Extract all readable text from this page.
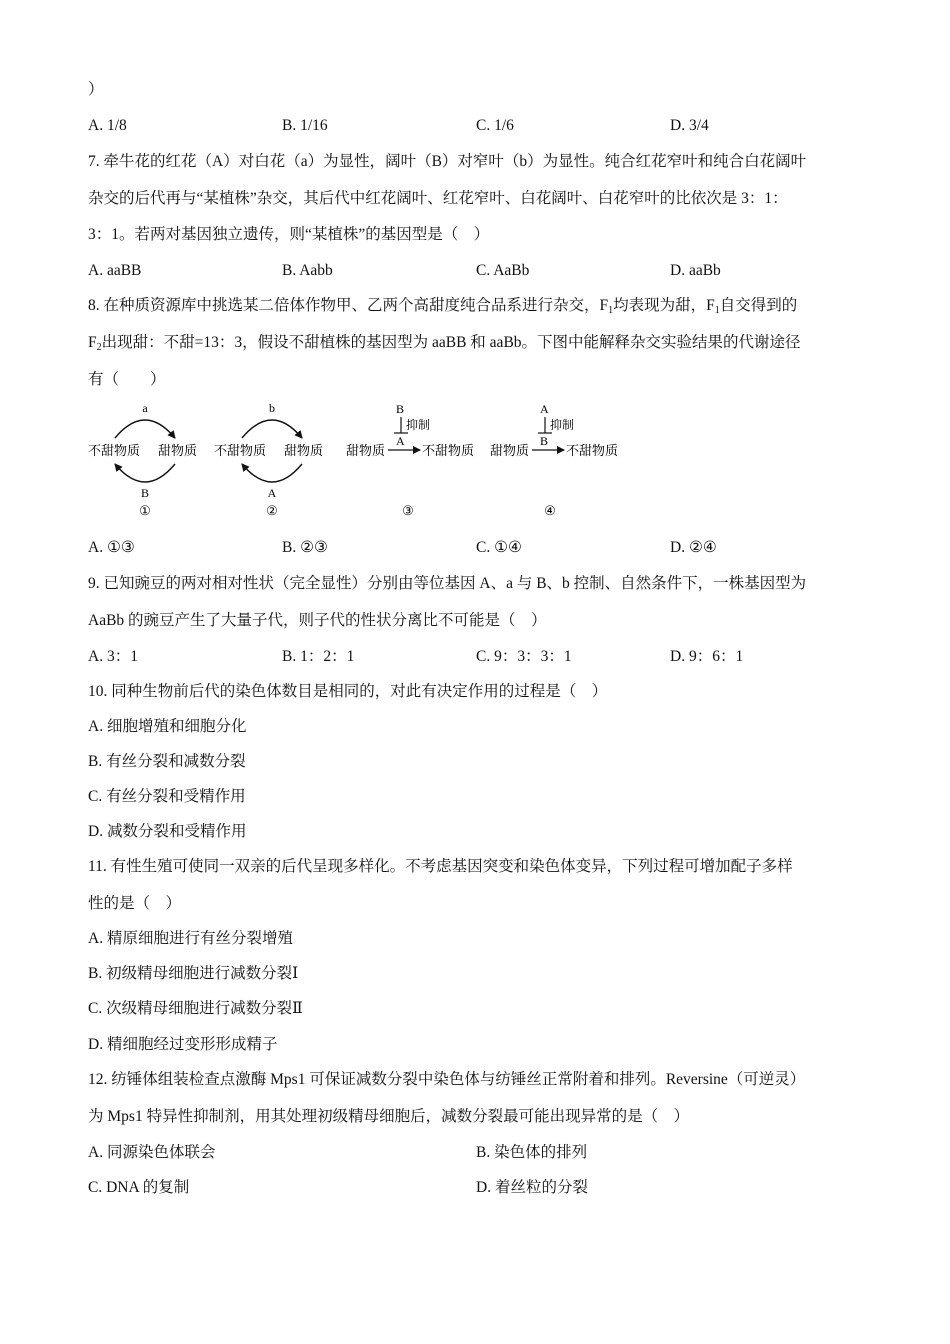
）
A. 1/8	B. 1/16	C. 1/6	D. 3/4
7. 牵牛花的红花（A）对白花（a）为显性，阔叶（B）对窄叶（b）为显性。纯合红花窄叶和纯合白花阔叶
杂交的后代再与“某植株”杂交，其后代中红花阔叶、红花窄叶、白花阔叶、白花窄叶的比依次是 3：1：
3：1。若两对基因独立遗传，则“某植株”的基因型是（　）
A. aaBB	B. Aabb	C. AaBb	D. aaBb
8. 在种质资源库中挑选某二倍体作物甲、乙两个高甜度纯合品系进行杂交，$F_1$均表现为甜，$F_1$自交得到的
$F_2$出现甜：不甜=13：3，假设不甜植株的基因型为 aaBB 和 aaBb。下图中能解释杂交实验结果的代谢途径
有（　　）
a
不甜物质 甜物质
B
①
b
不甜物质 甜物质
A
②
甜物质
A
不甜物质
B
抑制
③
甜物质
B
不甜物质
A
抑制
④
A. ①③	B. ②③	C. ①④	D. ②④
9. 已知豌豆的两对相对性状（完全显性）分别由等位基因 A、a 与 B、b 控制、自然条件下，一株基因型为
AaBb 的豌豆产生了大量子代，则子代的性状分离比不可能是（　）
A. 3：1	B. 1：2：1	C. 9：3：3：1	D. 9：6：1
10. 同种生物前后代的染色体数目是相同的，对此有决定作用的过程是（　）
A. 细胞增殖和细胞分化
B. 有丝分裂和减数分裂
C. 有丝分裂和受精作用
D. 减数分裂和受精作用
11. 有性生殖可使同一双亲的后代呈现多样化。不考虑基因突变和染色体变异，下列过程可增加配子多样
性的是（　）
A. 精原细胞进行有丝分裂增殖
B. 初级精母细胞进行减数分裂Ⅰ
C. 次级精母细胞进行减数分裂Ⅱ
D. 精细胞经过变形形成精子
12. 纺锤体组装检查点激酶 Mps1 可保证减数分裂中染色体与纺锤丝正常附着和排列。Reversine（可逆灵）
为 Mps1 特异性抑制剂，用其处理初级精母细胞后，减数分裂最可能出现异常的是（　）
A. 同源染色体联会	B. 染色体的排列
C. DNA 的复制	D. 着丝粒的分裂
